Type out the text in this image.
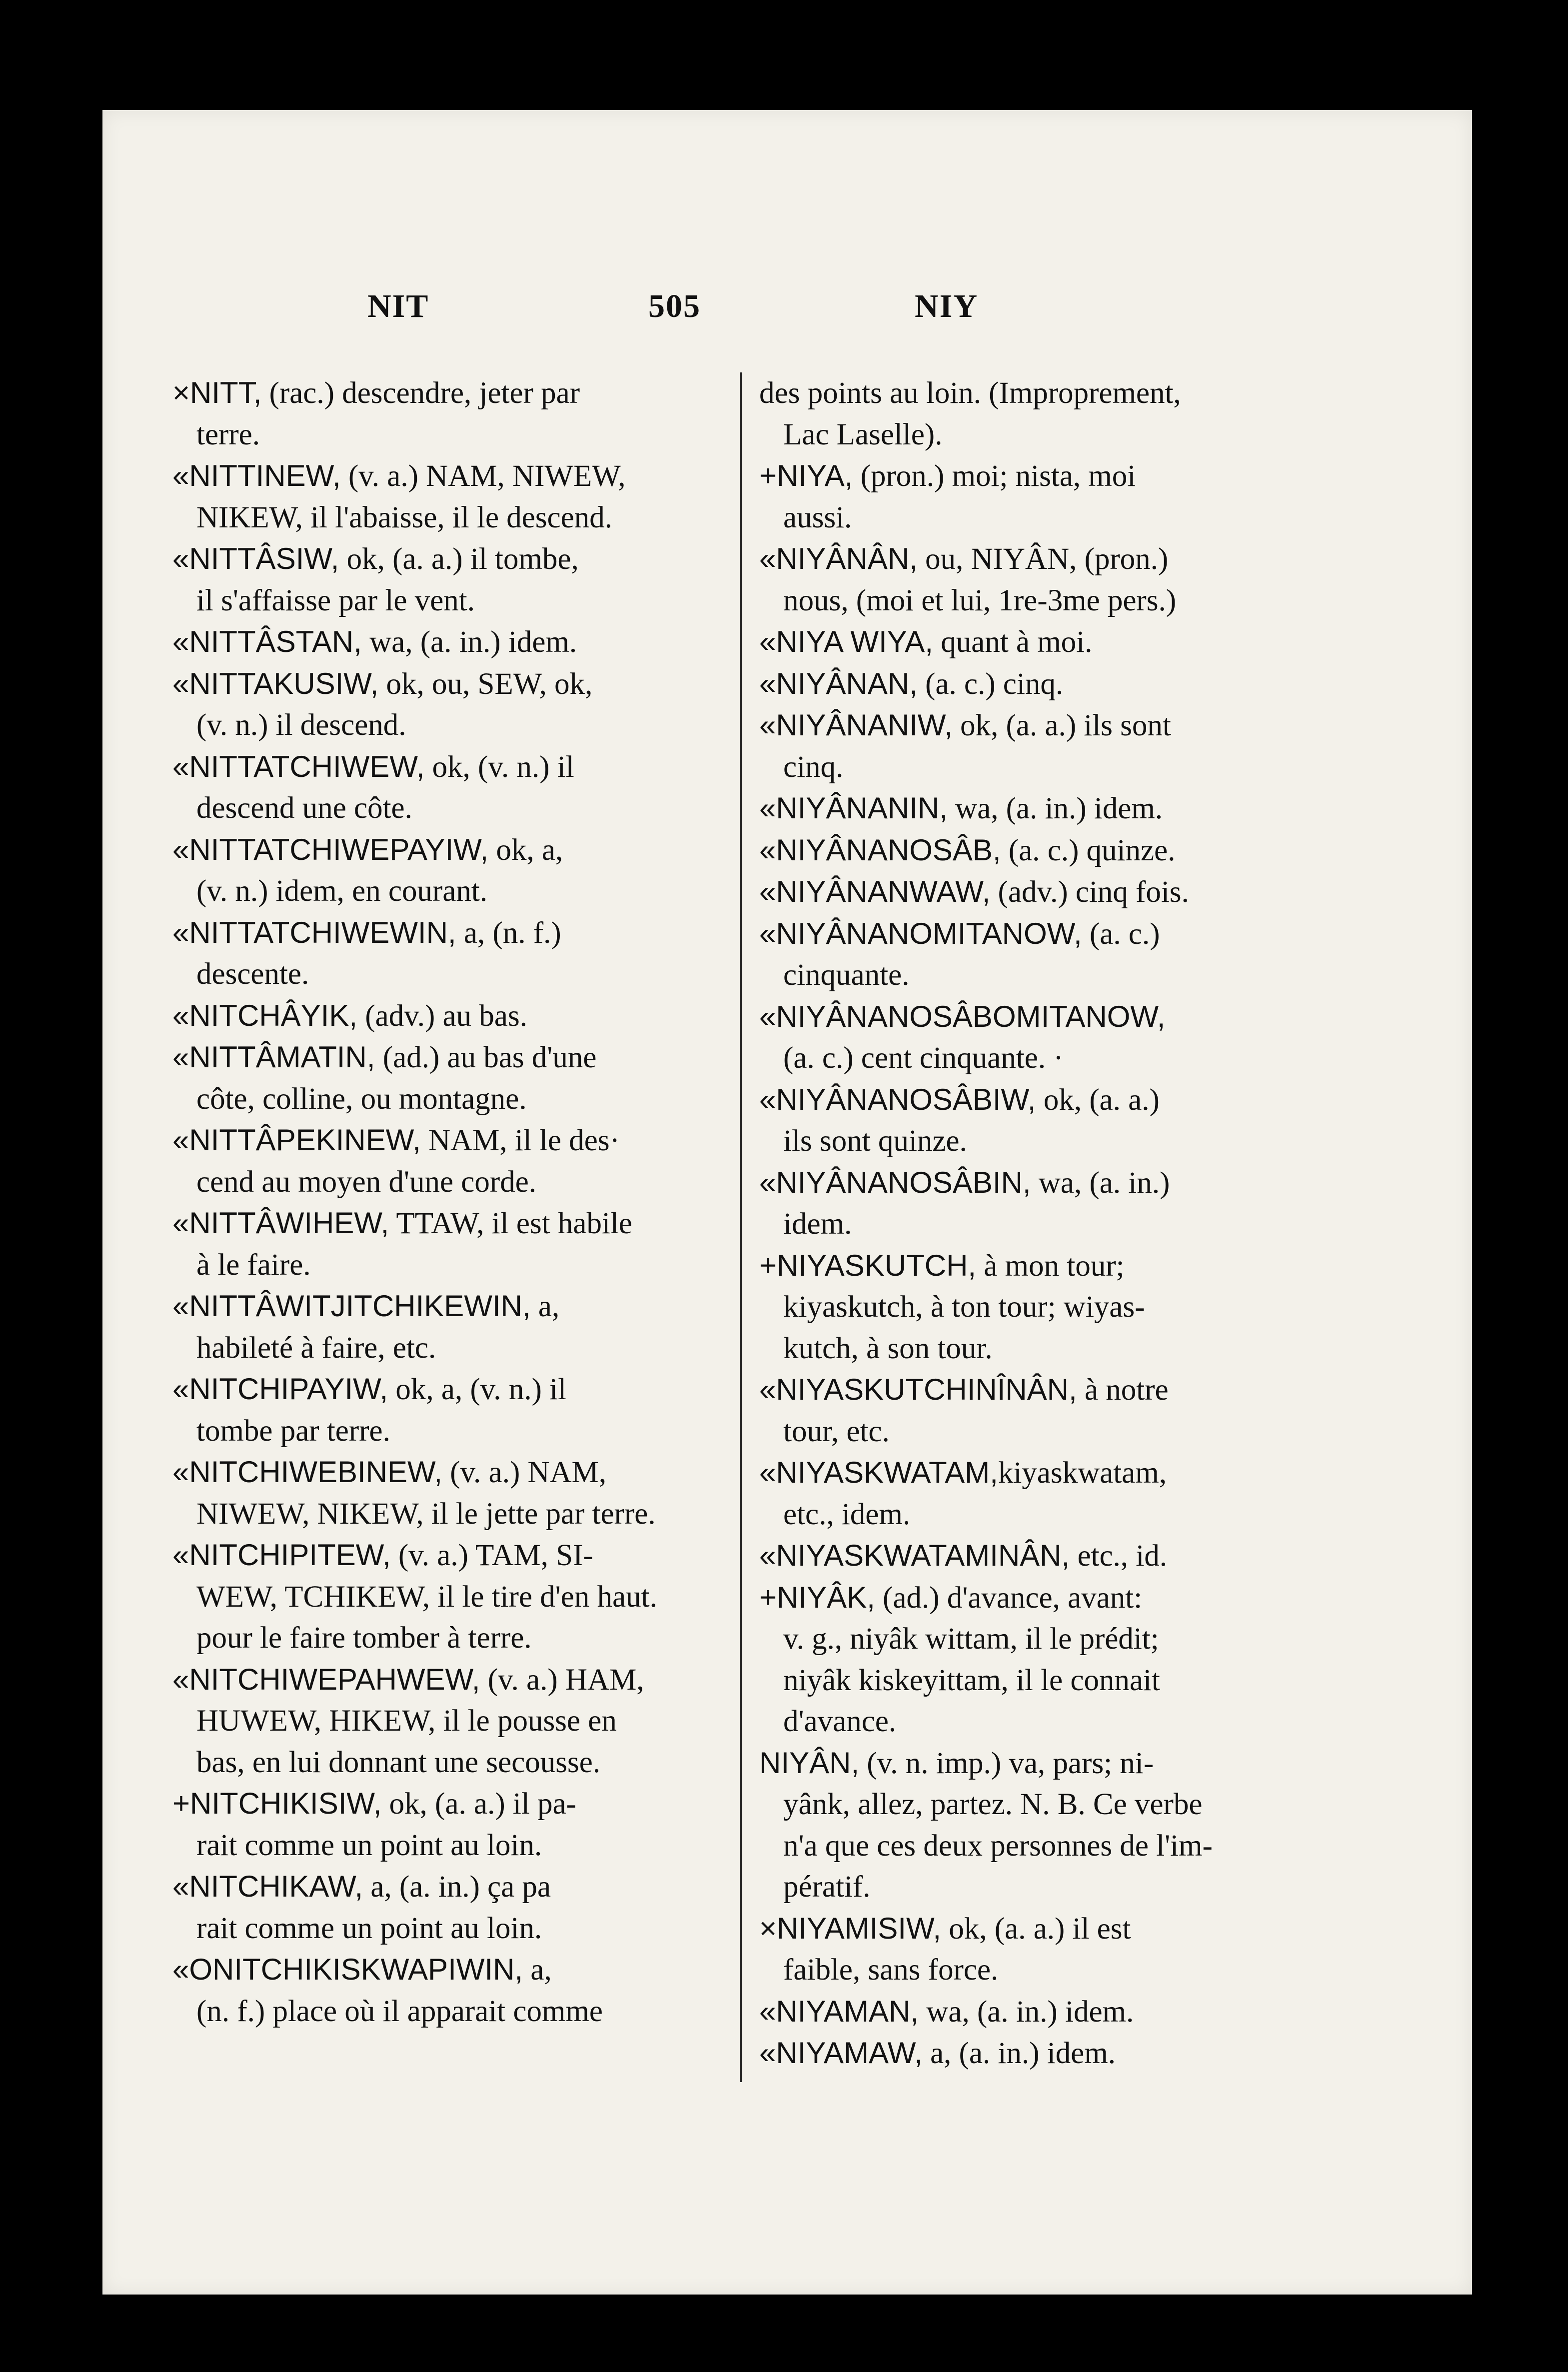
NIT	505	NIY

×NITT, (rac.) descendre, jeter par

terre.

«NITTINEW, (v. a.) NAM, NIWEW,

NIKEW, il l'abaisse, il le descend.

«NITTÂSIW, ok, (a. a.) il tombe,

il s'affaisse par le vent.

«NITTÂSTAN, wa, (a. in.) idem.

«NITTAKUSIW, ok, ou, SEW, ok,

(v. n.) il descend.

«NITTATCHIWEW, ok, (v. n.) il

descend une côte.

«NITTATCHIWEPAYIW, ok, a,

(v. n.) idem, en courant.

«NITTATCHIWEWIN, a, (n. f.)

descente.

«NITCHÂYIK, (adv.) au bas.

«NITTÂMATIN, (ad.) au bas d'une

côte, colline, ou montagne.

«NITTÂPEKINEW, NAM, il le des·

cend au moyen d'une corde.

«NITTÂWIHEW, TTAW, il est habile

à le faire.

«NITTÂWITJITCHIKEWIN, a,

habileté à faire, etc.

«NITCHIPAYIW, ok, a, (v. n.) il

tombe par terre.

«NITCHIWEBINEW, (v. a.) NAM,

NIWEW, NIKEW, il le jette par terre.

«NITCHIPITEW, (v. a.) TAM, SI-

WEW, TCHIKEW, il le tire d'en haut.

pour le faire tomber à terre.

«NITCHIWEPAHWEW, (v. a.) HAM,

HUWEW, HIKEW, il le pousse en

bas, en lui donnant une secousse.

+NITCHIKISIW, ok, (a. a.) il pa-

rait comme un point au loin.

«NITCHIKAW, a, (a. in.) ça pa

rait comme un point au loin.

«ONITCHIKISKWAPIWIN, a,

(n. f.) place où il apparait comme

des points au loin. (Improprement,

Lac Laselle).

+NIYA, (pron.) moi; nista, moi

aussi.

«NIYÂNÂN, ou, NIYÂN, (pron.)

nous, (moi et lui, 1re-3me pers.)

«NIYA WIYA, quant à moi.

«NIYÂNAN, (a. c.) cinq.

«NIYÂNANIW, ok, (a. a.) ils sont

cinq.

«NIYÂNANIN, wa, (a. in.) idem.

«NIYÂNANOSÂB, (a. c.) quinze.

«NIYÂNANWAW, (adv.) cinq fois.

«NIYÂNANOMITANOW, (a. c.)

cinquante.

«NIYÂNANOSÂBOMITANOW,

(a. c.) cent cinquante. ·

«NIYÂNANOSÂBIW, ok, (a. a.)

ils sont quinze.

«NIYÂNANOSÂBIN, wa, (a. in.)

idem.

+NIYASKUTCH, à mon tour;

kiyaskutch, à ton tour; wiyas-

kutch, à son tour.

«NIYASKUTCHINÎNÂN, à notre

tour, etc.

«NIYASKWATAM,kiyaskwatam,

etc., idem.

«NIYASKWATAMINÂN, etc., id.

+NIYÂK, (ad.) d'avance, avant:

v. g., niyâk wittam, il le prédit;

niyâk kiskeyittam, il le connait

d'avance.

NIYÂN, (v. n. imp.) va, pars; ni-

yânk, allez, partez. N. B. Ce verbe

n'a que ces deux personnes de l'im-

pératif.

×NIYAMISIW, ok, (a. a.) il est

faible, sans force.

«NIYAMAN, wa, (a. in.) idem.

«NIYAMAW, a, (a. in.) idem.
